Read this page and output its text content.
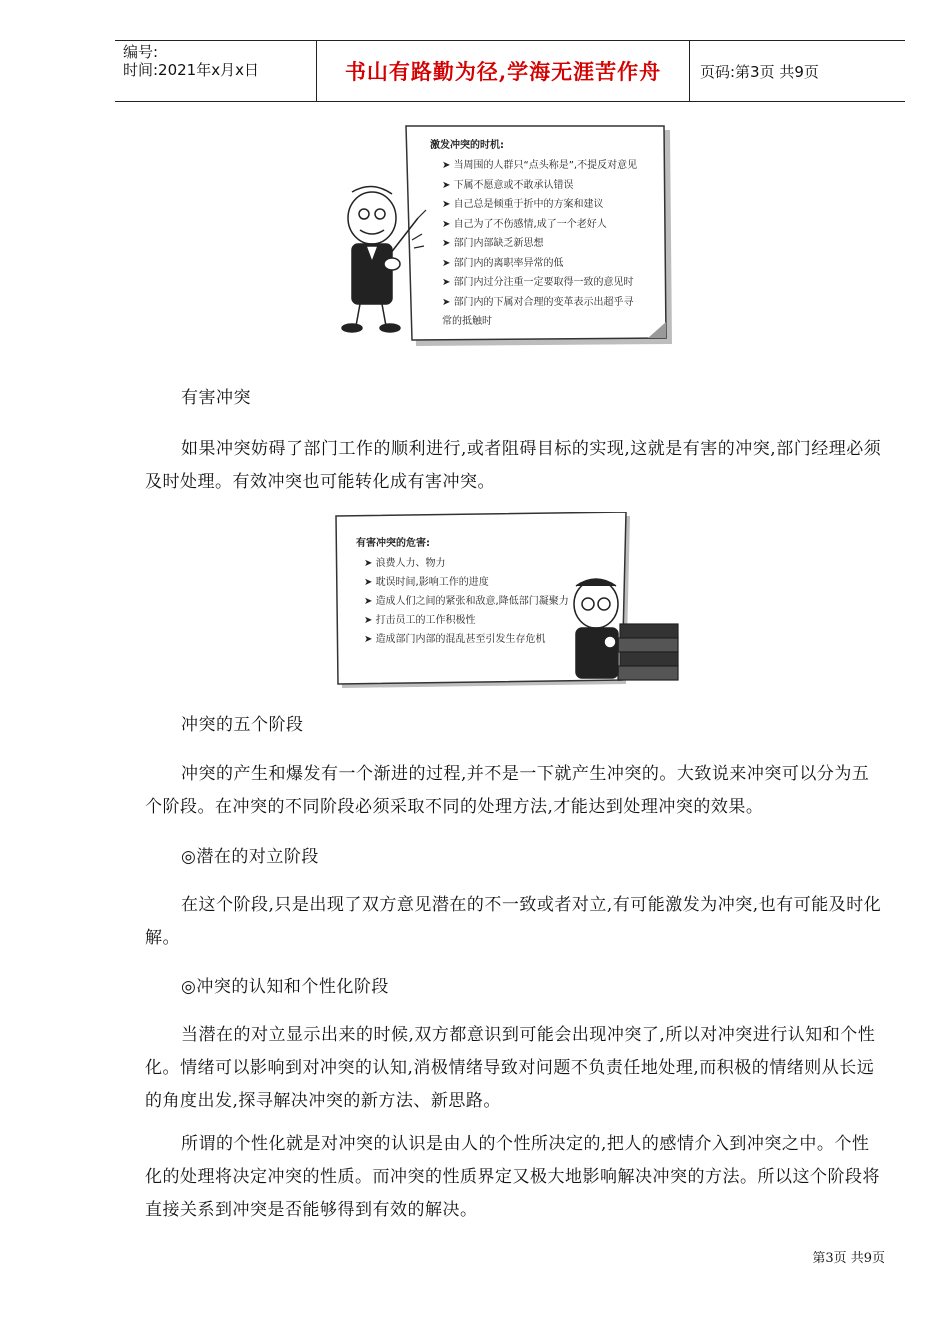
编号:
时间:2021年x月x日	书山有路勤为径,学海无涯苦作舟	页码:第3页 共9页
激发冲突的时机:
➤ 当周围的人群只“点头称是”,不提反对意见
➤ 下属不愿意或不敢承认错误
➤ 自己总是倾重于折中的方案和建议
➤ 自己为了不伤感情,成了一个老好人
➤ 部门内部缺乏新思想
➤ 部门内的离职率异常的低
➤ 部门内过分注重一定要取得一致的意见时
➤ 部门内的下属对合理的变革表示出超乎寻常的抵触时

有害冲突

如果冲突妨碍了部门工作的顺利进行,或者阻碍目标的实现,这就是有害的冲突,部门经理必须及时处理。有效冲突也可能转化成有害冲突。

有害冲突的危害:
➤ 浪费人力、物力
➤ 耽误时间,影响工作的进度
➤ 造成人们之间的紧张和敌意,降低部门凝聚力
➤ 打击员工的工作积极性
➤ 造成部门内部的混乱甚至引发生存危机

冲突的五个阶段

冲突的产生和爆发有一个渐进的过程,并不是一下就产生冲突的。大致说来冲突可以分为五个阶段。在冲突的不同阶段必须采取不同的处理方法,才能达到处理冲突的效果。

◎潜在的对立阶段

在这个阶段,只是出现了双方意见潜在的不一致或者对立,有可能激发为冲突,也有可能及时化解。

◎冲突的认知和个性化阶段

当潜在的对立显示出来的时候,双方都意识到可能会出现冲突了,所以对冲突进行认知和个性化。情绪可以影响到对冲突的认知,消极情绪导致对问题不负责任地处理,而积极的情绪则从长远的角度出发,探寻解决冲突的新方法、新思路。

所谓的个性化就是对冲突的认识是由人的个性所决定的,把人的感情介入到冲突之中。个性化的处理将决定冲突的性质。而冲突的性质界定又极大地影响解决冲突的方法。所以这个阶段将直接关系到冲突是否能够得到有效的解决。

第3页 共9页
